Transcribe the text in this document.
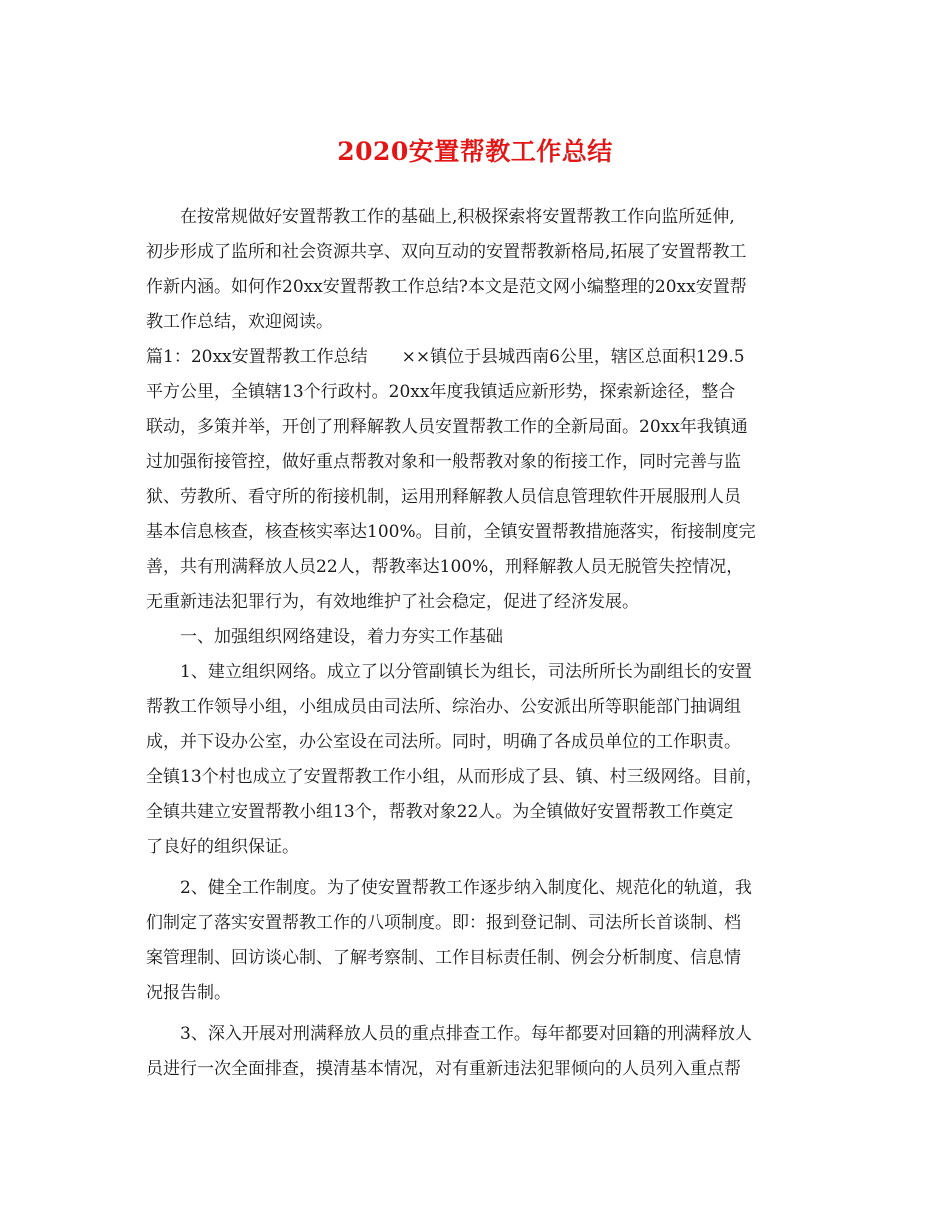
2020安置帮教工作总结
在按常规做好安置帮教工作的基础上,积极探索将安置帮教工作向监所延伸,
初步形成了监所和社会资源共享、双向互动的安置帮教新格局,拓展了安置帮教工
作新内涵。如何作20xx安置帮教工作总结?本文是范文网小编整理的20xx安置帮
教工作总结，欢迎阅读。
篇1：20xx安置帮教工作总结　　××镇位于县城西南6公里，辖区总面积129.5
平方公里，全镇辖13个行政村。20xx年度我镇适应新形势，探索新途径，整合
联动，多策并举，开创了刑释解教人员安置帮教工作的全新局面。20xx年我镇通
过加强衔接管控，做好重点帮教对象和一般帮教对象的衔接工作，同时完善与监
狱、劳教所、看守所的衔接机制，运用刑释解教人员信息管理软件开展服刑人员
基本信息核查，核查核实率达100%。目前，全镇安置帮教措施落实，衔接制度完
善，共有刑满释放人员22人，帮教率达100%，刑释解教人员无脱管失控情况，
无重新违法犯罪行为，有效地维护了社会稳定，促进了经济发展。
一、加强组织网络建设，着力夯实工作基础
1、建立组织网络。成立了以分管副镇长为组长，司法所所长为副组长的安置
帮教工作领导小组，小组成员由司法所、综治办、公安派出所等职能部门抽调组
成，并下设办公室，办公室设在司法所。同时，明确了各成员单位的工作职责。
全镇13个村也成立了安置帮教工作小组，从而形成了县、镇、村三级网络。目前，
全镇共建立安置帮教小组13个，帮教对象22人。为全镇做好安置帮教工作奠定
了良好的组织保证。
2、健全工作制度。为了使安置帮教工作逐步纳入制度化、规范化的轨道，我
们制定了落实安置帮教工作的八项制度。即：报到登记制、司法所长首谈制、档
案管理制、回访谈心制、了解考察制、工作目标责任制、例会分析制度、信息情
况报告制。
3、深入开展对刑满释放人员的重点排查工作。每年都要对回籍的刑满释放人
员进行一次全面排查，摸清基本情况，对有重新违法犯罪倾向的人员列入重点帮
